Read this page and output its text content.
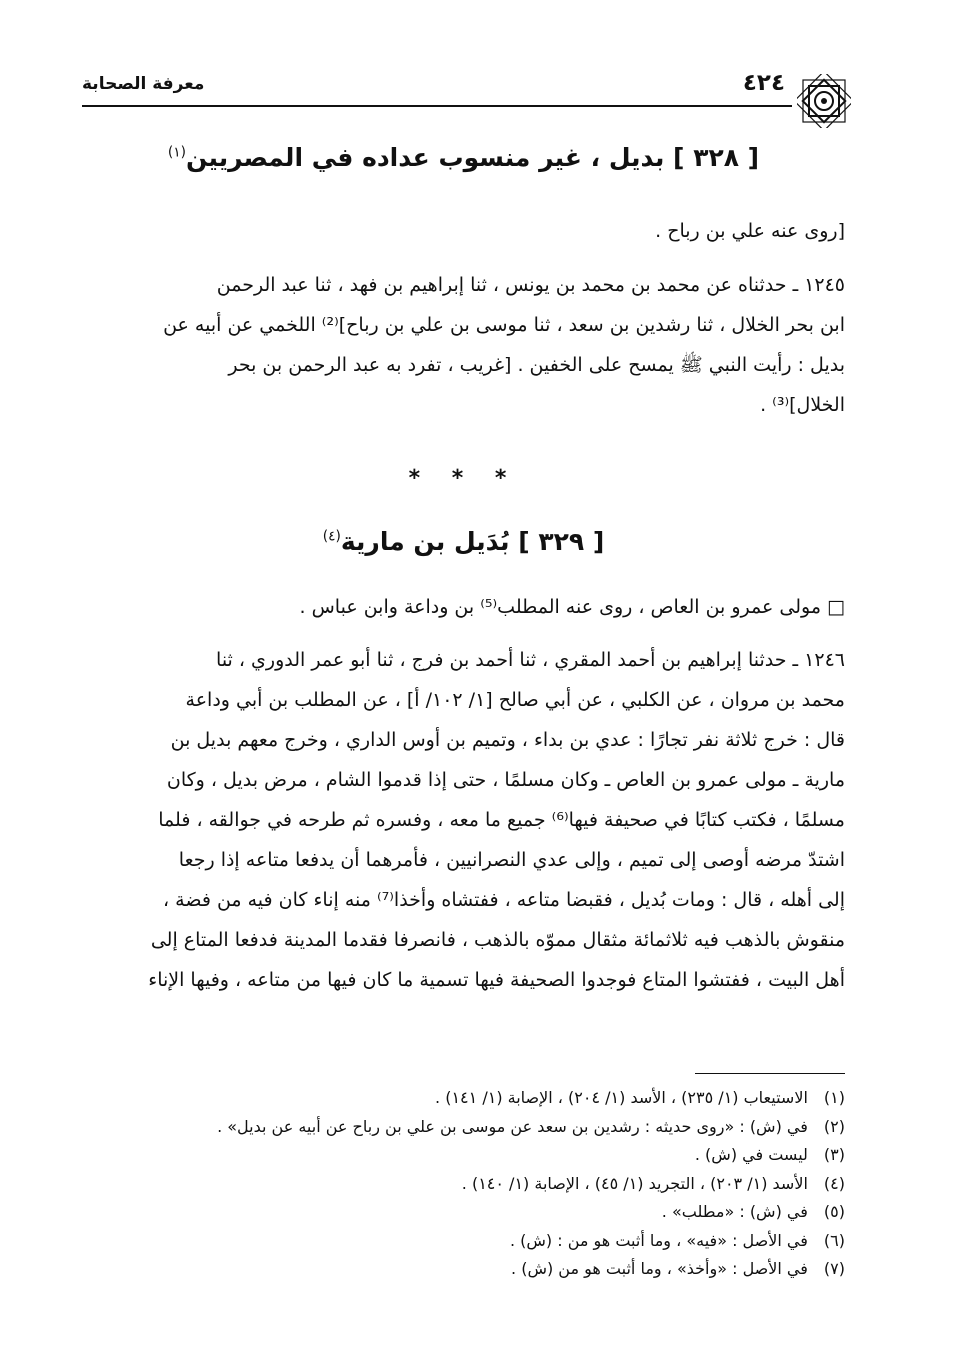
٤٢٤
معرفة الصحابة
[ ٣٢٨ ] بديل ، غير منسوب عداده في المصريين$^{(١)}$
[روى عنه علي بن رباح .
١٢٤٥ ـ حدثناه عن محمد بن محمد بن يونس ، ثنا إبراهيم بن فهد ، ثنا عبد الرحمن
ابن بحر الخلال ، ثنا رشدين بن سعد ، ثنا موسى بن علي بن رباح]⁽²⁾ اللخمي عن أبيه عن
بديل : رأيت النبي ﷺ يمسح على الخفين . [غريب ، تفرد به عبد الرحمن بن بحر
الخلال]⁽³⁾ .
* * *
[ ٣٢٩ ] بُدَيل بن مارية$^{(٤)}$
□ مولى عمرو بن العاص ، روى عنه المطلب⁽⁵⁾ بن وداعة وابن عباس .
١٢٤٦ ـ حدثنا إبراهيم بن أحمد المقري ، ثنا أحمد بن فرج ، ثنا أبو عمر الدوري ، ثنا
محمد بن مروان ، عن الكلبي ، عن أبي صالح [١/ ١٠٢/ أ] ، عن المطلب بن أبي وداعة
قال : خرج ثلاثة نفر تجارًا : عدي بن بداء ، وتميم بن أوس الداري ، وخرج معهم بديل بن
مارية ـ مولى عمرو بن العاص ـ وكان مسلمًا ، حتى إذا قدموا الشام ، مرض بديل ، وكان
مسلمًا ، فكتب كتابًا في صحيفة فيها⁽⁶⁾ جميع ما معه ، وفسره ثم طرحه في جوالقه ، فلما
اشتدّ مرضه أوصى إلى تميم ، وإلى عدي النصرانيين ، فأمرهما أن يدفعا متاعه إذا رجعا
إلى أهله ، قال : ومات بُديل ، فقبضا متاعه ، ففتشاه وأخذا⁽⁷⁾ منه إناء كان فيه من فضة ،
منقوش بالذهب فيه ثلاثمائة مثقال مموّه بالذهب ، فانصرفا فقدما المدينة فدفعا المتاع إلى
أهل البيت ، ففتشوا المتاع فوجدوا الصحيفة فيها تسمية ما كان فيها من متاعه ، وفيها الإناء
(١) الاستيعاب (١/ ٢٣٥) ، الأسد (١/ ٢٠٤) ، الإصابة (١/ ١٤١) .
(٢) في (ش) : «روى حديثه : رشدين بن سعد عن موسى بن علي بن رباح عن أبيه عن بديل» .
(٣) ليست في (ش) .
(٤) الأسد (١/ ٢٠٣) ، التجريد (١/ ٤٥) ، الإصابة (١/ ١٤٠) .
(٥) في (ش) : «مطلب» .
(٦) في الأصل : «فيه» ، وما أثبت هو من : (ش) .
(٧) في الأصل : «وأخذ» ، وما أثبت هو من (ش) .
